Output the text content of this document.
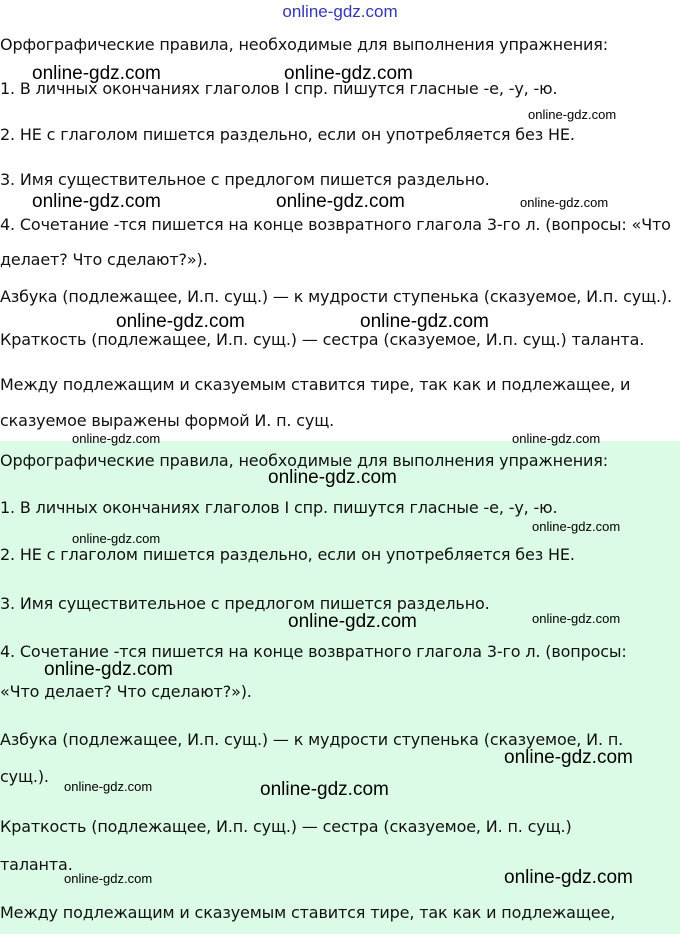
online-gdz.com
Орфографические правила, необходимые для выполнения упражнения:
1. В личных окончаниях глаголов I спр. пишутся гласные -е, -у, -ю.
2. НЕ с глаголом пишется раздельно, если он употребляется без НЕ.
3. Имя существительное с предлогом пишется раздельно.
4. Сочетание -тся пишется на конце возвратного глагола 3-го л. (вопросы: «Что
делает? Что сделают?»).
Азбука (подлежащее, И.п. сущ.) — к мудрости ступенька (сказуемое, И.п. сущ.).
Краткость (подлежащее, И.п. сущ.) — сестра (сказуемое, И.п. сущ.) таланта.
Между подлежащим и сказуемым ставится тире, так как и подлежащее, и
сказуемое выражены формой И. п. сущ.
Орфографические правила, необходимые для выполнения упражнения:
1. В личных окончаниях глаголов I спр. пишутся гласные -е, -у, -ю.
2. НЕ с глаголом пишется раздельно, если он употребляется без НЕ.
3. Имя существительное с предлогом пишется раздельно.
4. Сочетание -тся пишется на конце возвратного глагола 3-го л. (вопросы:
«Что делает? Что сделают?»).
Азбука (подлежащее, И.п. сущ.) — к мудрости ступенька (сказуемое, И. п.
сущ.).
Краткость (подлежащее, И.п. сущ.) — сестра (сказуемое, И. п. сущ.)
таланта.
Между подлежащим и сказуемым ставится тире, так как и подлежащее,
online-gdz.com	online-gdz.com
online-gdz.com	online-gdz.com
online-gdz.com	online-gdz.com
online-gdz.com
online-gdz.com
online-gdz.com
online-gdz.com
online-gdz.com
online-gdz.com
online-gdz.com
online-gdz.com
online-gdz.com	online-gdz.com
online-gdz.com
online-gdz.com
online-gdz.com
online-gdz.com
online-gdz.com
